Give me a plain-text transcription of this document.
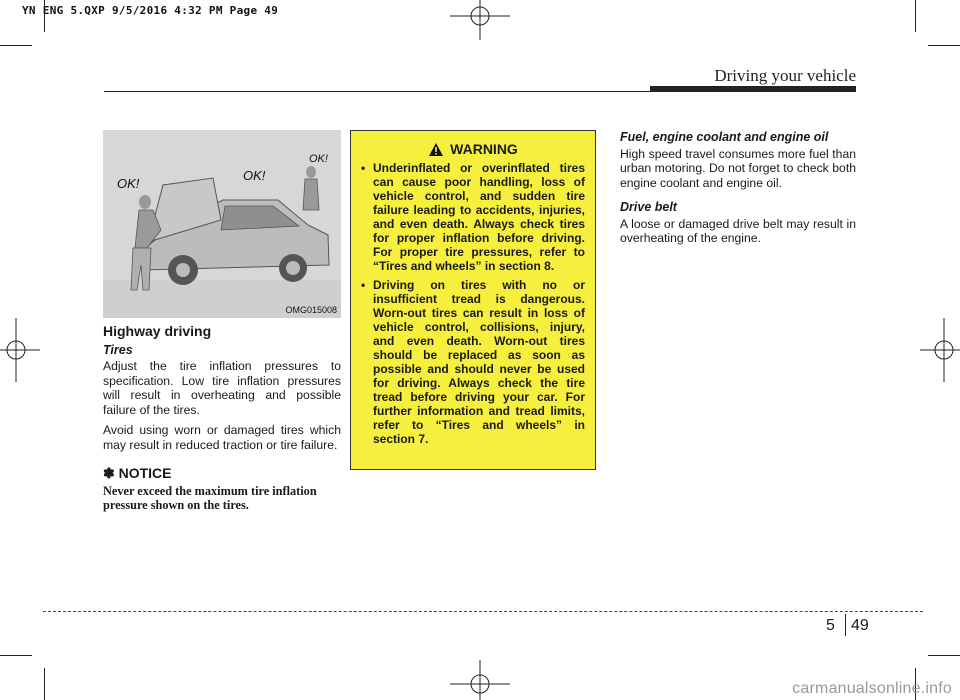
YN ENG 5.QXP 9/5/2016 4:32 PM Page 49
Driving your vehicle
OK!
OK!
OK!
OMG015008
Highway driving
Tires

Adjust the tire inflation pressures to specification. Low tire inflation pressures will result in overheating and possible failure of the tires.

Avoid using worn or damaged tires which may result in reduced traction or tire failure.

✽ NOTICE
Never exceed the maximum tire inflation pressure shown on the tires.
WARNING
• Underinflated or overinflated tires can cause poor handling, loss of vehicle control, and sudden tire failure leading to accidents, injuries, and even death. Always check tires for proper inflation before driving. For proper tire pressures, refer to “Tires and wheels” in section 8.
• Driving on tires with no or insufficient tread is dangerous. Worn-out tires can result in loss of vehicle control, collisions, injury, and even death. Worn-out tires should be replaced as soon as possible and should never be used for driving. Always check the tire tread before driving your car. For further information and tread limits, refer to “Tires and wheels” in section 7.
Fuel, engine coolant and engine oil

High speed travel consumes more fuel than urban motoring. Do not forget to check both engine coolant and engine oil.

Drive belt

A loose or damaged drive belt may result in overheating of the engine.

5 49
carmanualsonline.info
